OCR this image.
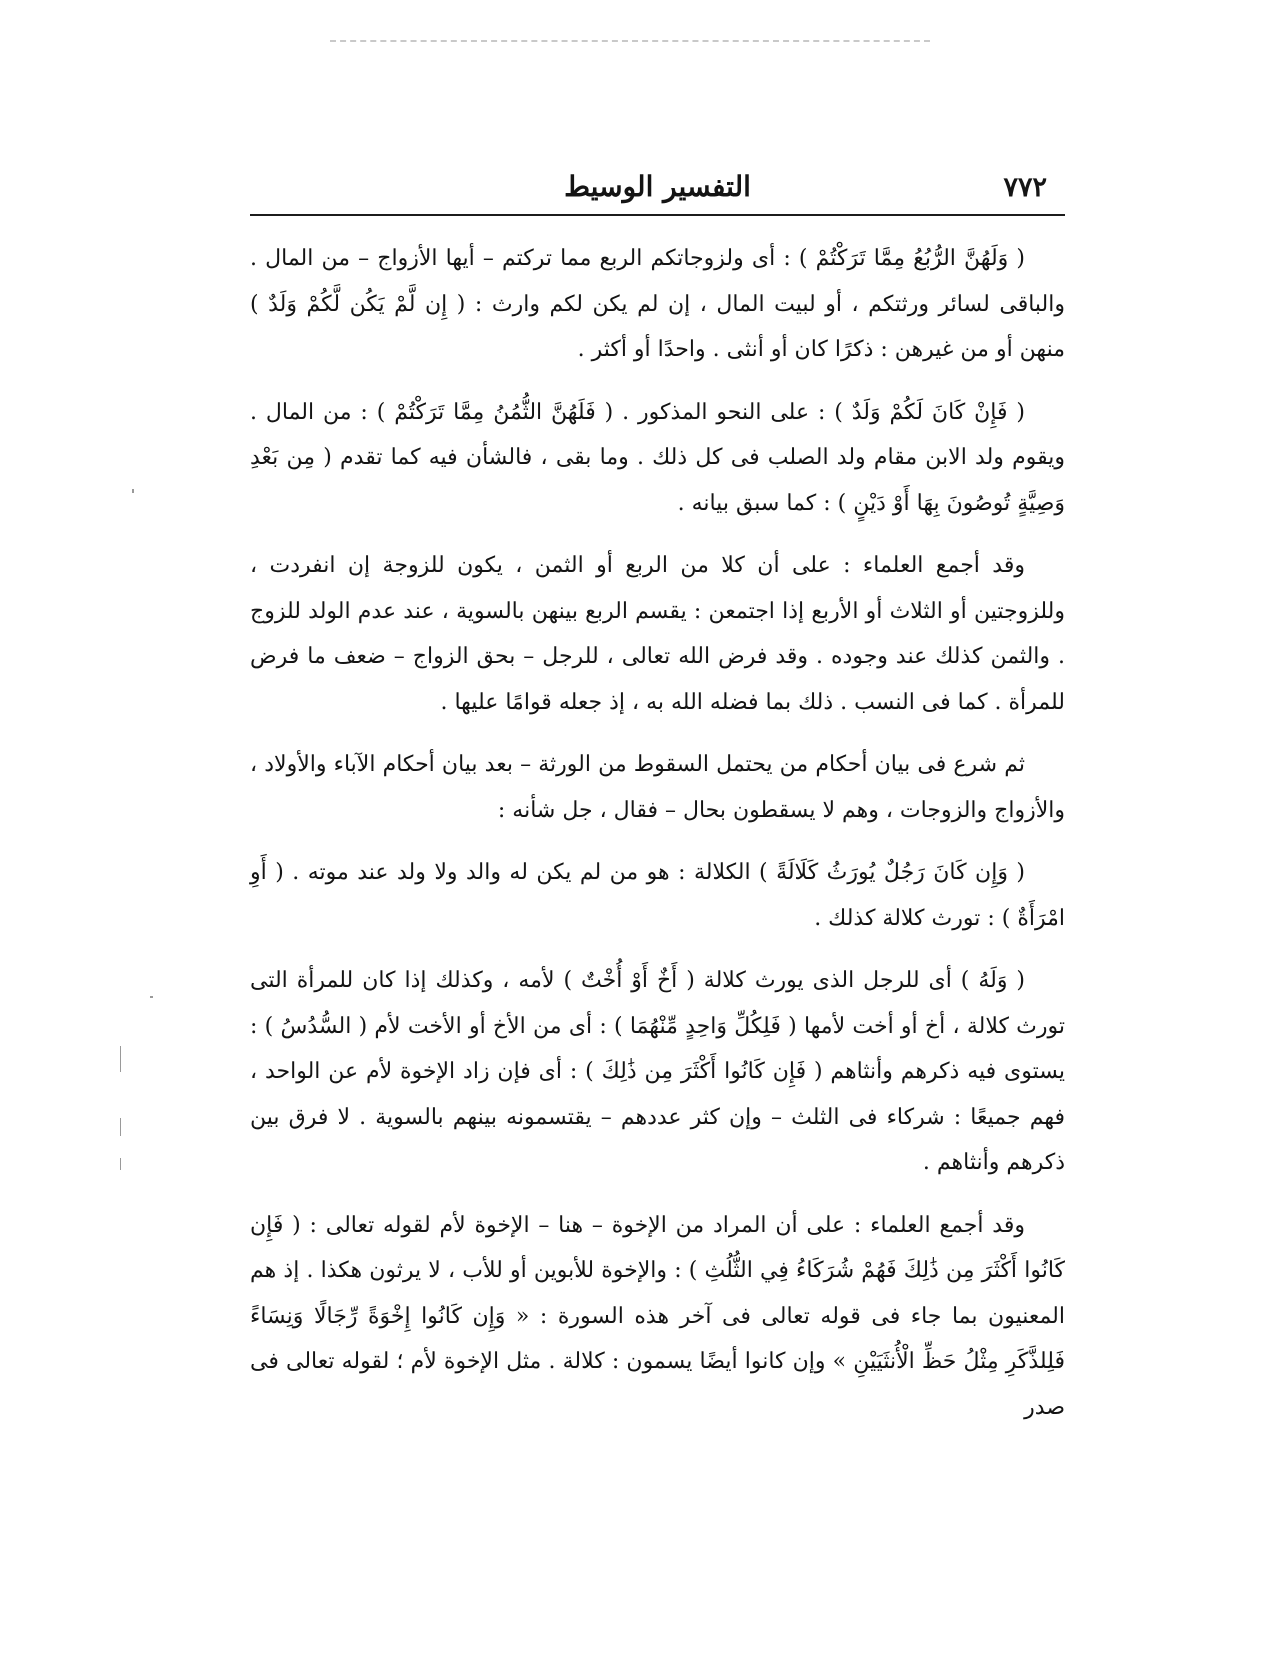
٧٧٢
التفسير الوسيط

( وَلَهُنَّ الرُّبُعُ مِمَّا تَرَكْتُمْ ) : أى ولزوجاتكم الربع مما تركتم – أيها الأزواج – من المال . والباقى لسائر ورثتكم ، أو لبيت المال ، إن لم يكن لكم وارث : ( إِن لَّمْ يَكُن لَّكُمْ وَلَدٌ ) منهن أو من غيرهن : ذكرًا كان أو أنثى . واحدًا أو أكثر .

( فَإِنْ كَانَ لَكُمْ وَلَدٌ ) : على النحو المذكور . ( فَلَهُنَّ الثُّمُنُ مِمَّا تَرَكْتُمْ ) : من المال . ويقوم ولد الابن مقام ولد الصلب فى كل ذلك . وما بقى ، فالشأن فيه كما تقدم ( مِن بَعْدِ وَصِيَّةٍ تُوصُونَ بِهَا أَوْ دَيْنٍ ) : كما سبق بيانه .

وقد أجمع العلماء : على أن كلا من الربع أو الثمن ، يكون للزوجة إن انفردت ، وللزوجتين أو الثلاث أو الأربع إذا اجتمعن : يقسم الربع بينهن بالسوية ، عند عدم الولد للزوج . والثمن كذلك عند وجوده . وقد فرض الله تعالى ، للرجل – بحق الزواج – ضعف ما فرض للمرأة . كما فى النسب . ذلك بما فضله الله به ، إذ جعله قوامًا عليها .

ثم شرع فى بيان أحكام من يحتمل السقوط من الورثة – بعد بيان أحكام الآباء والأولاد ، والأزواج والزوجات ، وهم لا يسقطون بحال – فقال ، جل شأنه :

( وَإِن كَانَ رَجُلٌ يُورَثُ كَلَالَةً ) الكلالة : هو من لم يكن له والد ولا ولد عند موته . ( أَوِ امْرَأَةٌ ) : تورث كلالة كذلك .

( وَلَهُ ) أى للرجل الذى يورث كلالة ( أَخٌ أَوْ أُخْتٌ ) لأمه ، وكذلك إذا كان للمرأة التى تورث كلالة ، أخ أو أخت لأمها ( فَلِكُلِّ وَاحِدٍ مِّنْهُمَا ) : أى من الأخ أو الأخت لأم ( السُّدُسُ ) : يستوى فيه ذكرهم وأنثاهم ( فَإِن كَانُوا أَكْثَرَ مِن ذَٰلِكَ ) : أى فإن زاد الإخوة لأم عن الواحد ، فهم جميعًا : شركاء فى الثلث – وإن كثر عددهم – يقتسمونه بينهم بالسوية . لا فرق بين ذكرهم وأنثاهم .

وقد أجمع العلماء : على أن المراد من الإخوة – هنا – الإخوة لأم لقوله تعالى : ( فَإِن كَانُوا أَكْثَرَ مِن ذَٰلِكَ فَهُمْ شُرَكَاءُ فِي الثُّلُثِ ) : والإخوة للأبوين أو للأب ، لا يرثون هكذا . إذ هم المعنيون بما جاء فى قوله تعالى فى آخر هذه السورة : « وَإِن كَانُوا إِخْوَةً رِّجَالًا وَنِسَاءً فَلِلذَّكَرِ مِثْلُ حَظِّ الْأُنثَيَيْنِ » وإن كانوا أيضًا يسمون : كلالة . مثل الإخوة لأم ؛ لقوله تعالى فى صدر
